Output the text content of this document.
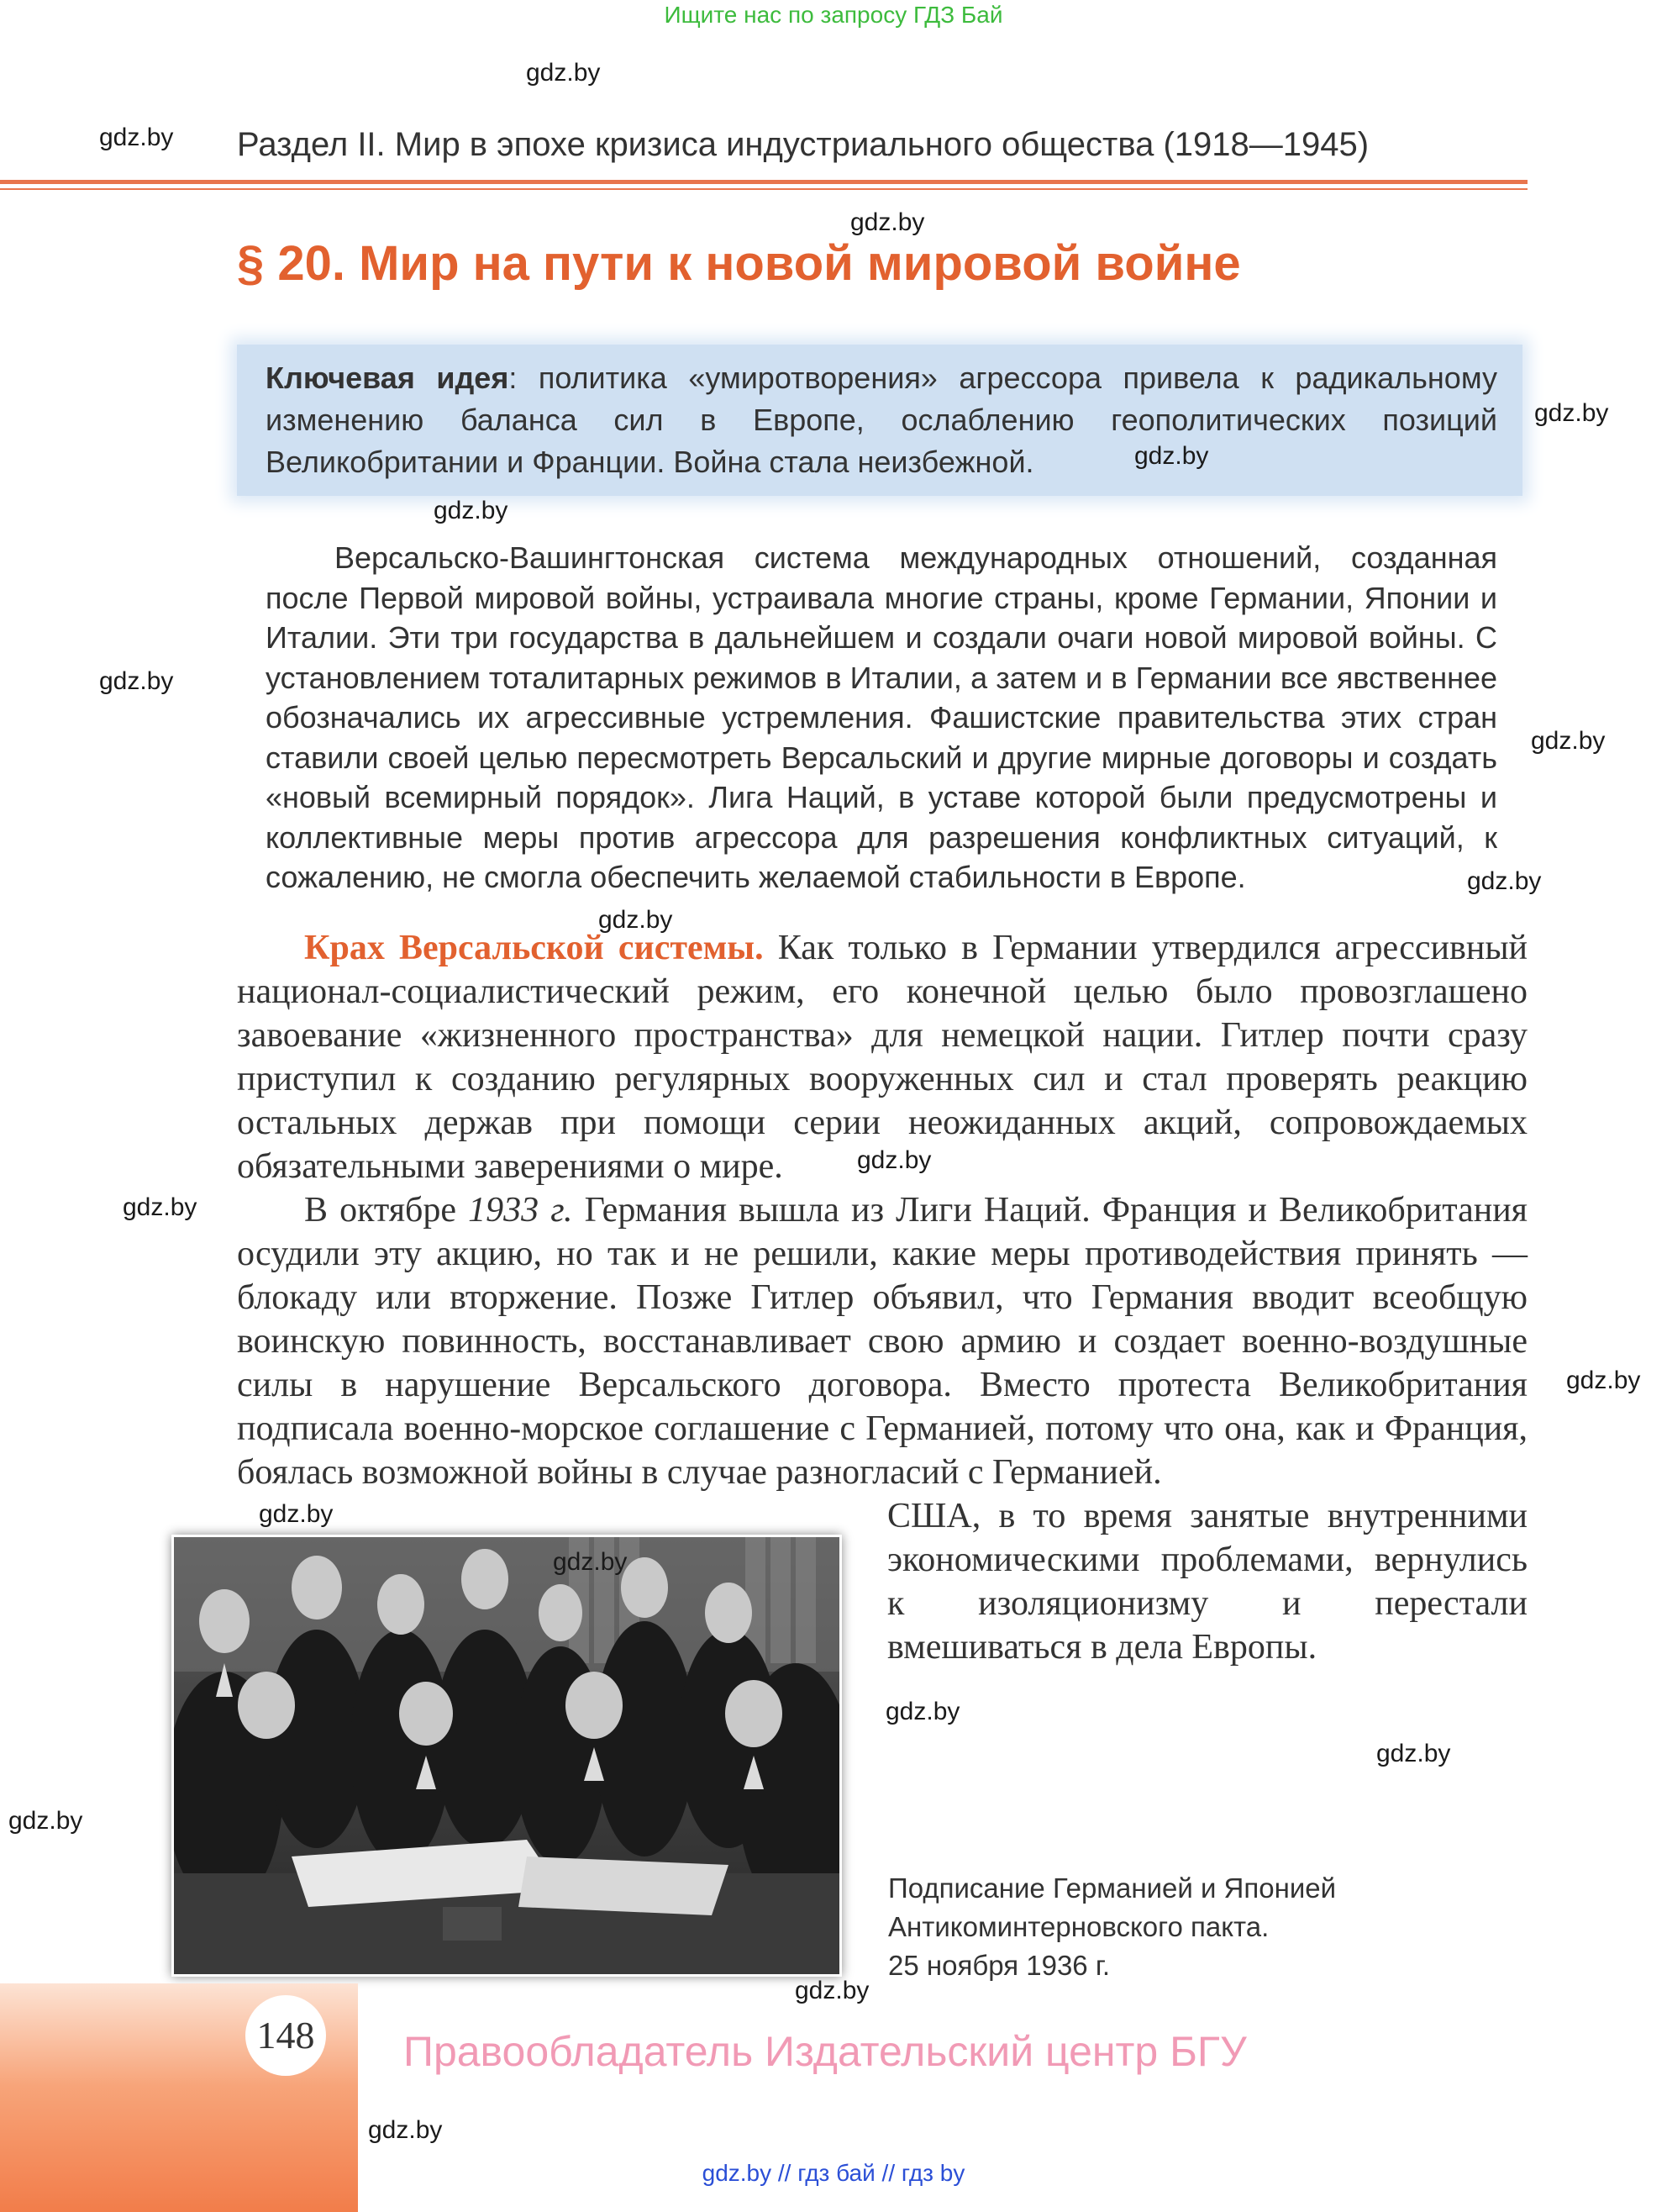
Ищите нас по запросу ГДЗ Бай
Раздел II. Мир в эпохе кризиса индустриального общества (1918—1945)
§ 20. Мир на пути к новой мировой войне
Ключевая идея: политика «умиротворения» агрессора привела к радикальному изменению баланса сил в Европе, ослаблению геополитических позиций Великобритании и Франции. Война стала неизбежной.
Версальско-Вашингтонская система международных отношений, созданная после Первой мировой войны, устраивала многие страны, кроме Германии, Японии и Италии. Эти три государства в дальнейшем и создали очаги новой мировой войны. С установлением тоталитарных режимов в Италии, а затем и в Германии все явственнее обозначались их агрессивные устремления. Фашистские правительства этих стран ставили своей целью пересмотреть Версальский и другие мирные договоры и создать «новый всемирный порядок». Лига Наций, в уставе которой были предусмотрены и коллективные меры против агрессора для разрешения конфликтных ситуаций, к сожалению, не смогла обеспечить желаемой стабильности в Европе.

Крах Версальской системы. Как только в Германии утвердился агрессивный национал-социалистический режим, его конечной целью было провозглашено завоевание «жизненного пространства» для немецкой нации. Гитлер почти сразу приступил к созданию регулярных вооруженных сил и стал проверять реакцию остальных держав при помощи серии неожиданных акций, сопровождаемых обязательными заверениями о мире.

В октябре 1933 г. Германия вышла из Лиги Наций. Франция и Великобритания осудили эту акцию, но так и не решили, какие меры противодействия принять — блокаду или вторжение. Позже Гитлер объявил, что Германия вводит всеобщую воинскую повинность, восстанавливает свою армию и создает военно-воздушные силы в нарушение Версальского договора. Вместо протеста Великобритания подписала военно-морское соглашение с Германией, потому что она, как и Франция, боялась возможной войны в случае разногласий с Германией.

США, в то время занятые внутренними экономическими проблемами, вернулись к изоляционизму и перестали вмешиваться в дела Европы.
Подписание Германией и Японией
Антикоминтерновского пакта.
25 ноября 1936 г.
148 Правообладатель Издательский центр БГУ
gdz.by // гдз бай // гдз by
gdz.by
gdz.by
gdz.by
gdz.by
gdz.by
gdz.by
gdz.by
gdz.by
gdz.by
gdz.by
gdz.by
gdz.by
gdz.by
gdz.by
gdz.by
gdz.by
gdz.by
gdz.by
gdz.by
gdz.by
